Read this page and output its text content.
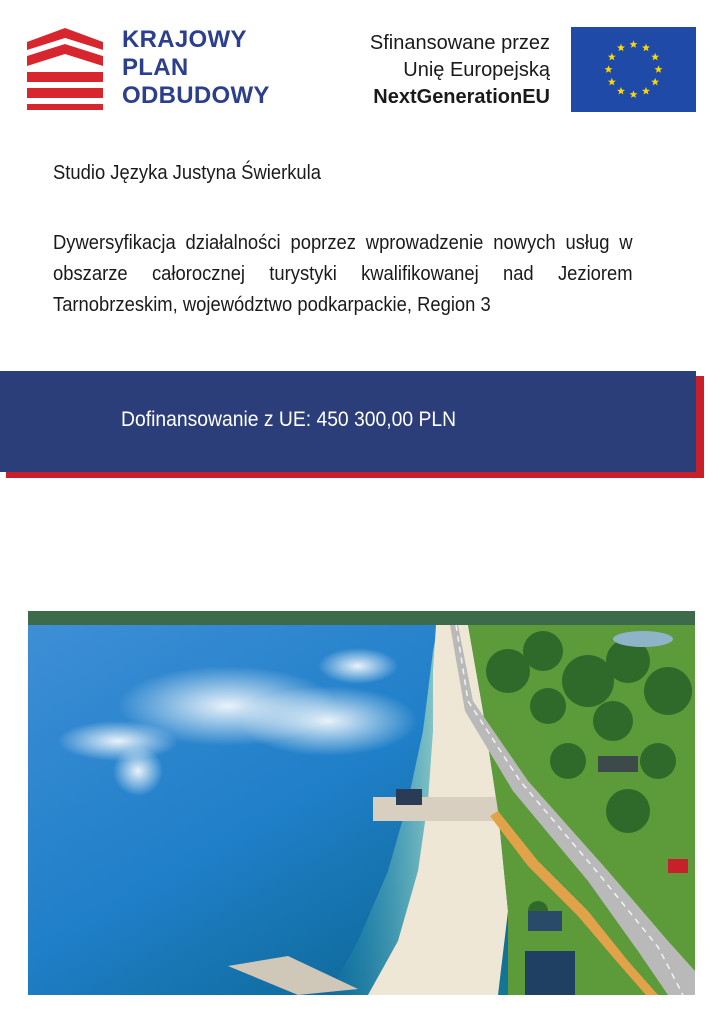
KRAJOWY
PLAN
ODBUDOWY
Sfinansowane przez
Unię Europejską
NextGenerationEU
Studio Języka Justyna Świerkula
Dywersyfikacja działalności poprzez wprowadzenie nowych usług w obszarze całorocznej turystyki kwalifikowanej nad Jeziorem Tarnobrzeskim, województwo podkarpackie, Region 3
Dofinansowanie z UE: 450 300,00 PLN
